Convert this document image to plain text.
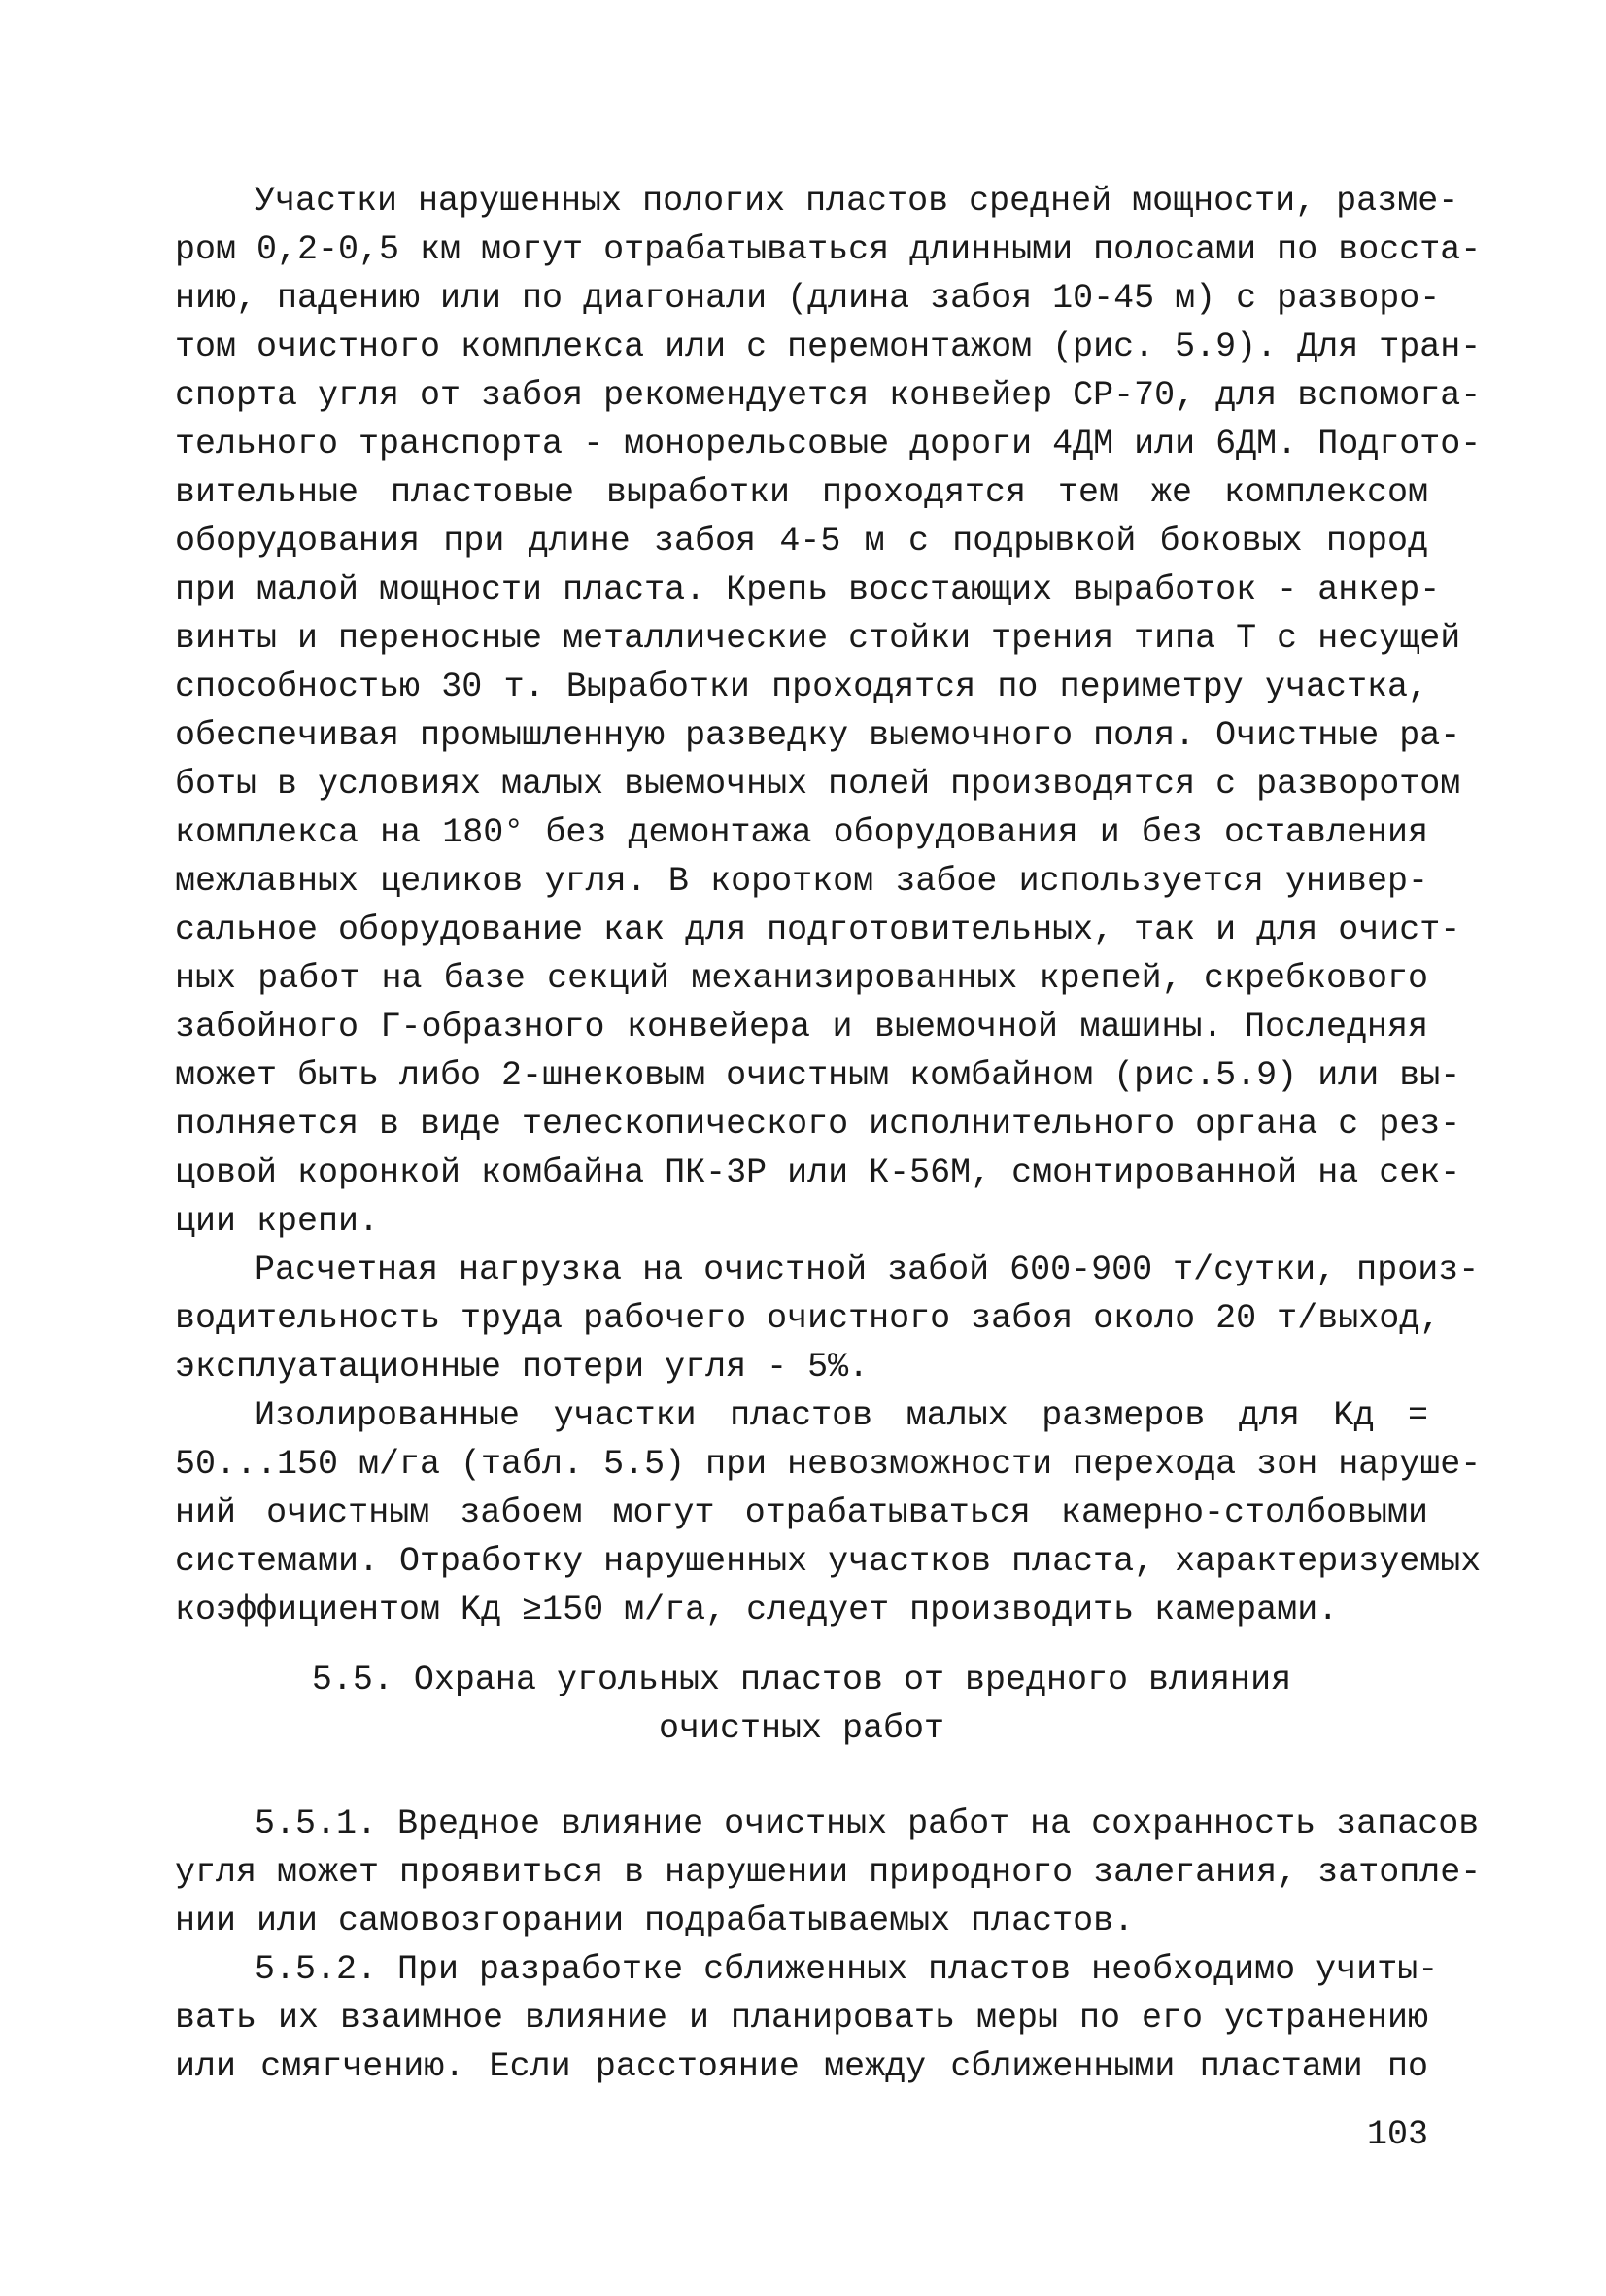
Участки нарушенных пологих пластов средней мощности, разме-
ром 0,2-0,5 км могут отрабатываться длинными полосами по восста-
нию, падению или по диагонали (длина забоя 10-45 м) с разворо-
том очистного комплекса или с перемонтажом (рис. 5.9). Для тран-
спорта угля от забоя рекомендуется конвейер СР-70, для вспомога-
тельного транспорта - монорельсовые дороги 4ДМ или 6ДМ. Подгото-
вительные пластовые выработки проходятся тем же комплексом
оборудования при длине забоя 4-5 м с подрывкой боковых пород
при малой мощности пласта. Крепь восстающих выработок - анкер-
винты и переносные металлические стойки трения типа Т с несущей
способностью 30 т. Выработки проходятся по периметру участка,
обеспечивая промышленную разведку выемочного поля. Очистные ра-
боты в условиях малых выемочных полей производятся с разворотом
комплекса на 180° без демонтажа оборудования и без оставления
межлавных целиков угля. В коротком забое используется универ-
сальное оборудование как для подготовительных, так и для очист-
ных работ на базе секций механизированных крепей, скребкового
забойного Г-образного конвейера и выемочной машины. Последняя
может быть либо 2-шнековым очистным комбайном (рис.5.9) или вы-
полняется в виде телескопического исполнительного органа с рез-
цовой коронкой комбайна ПК-3Р или К-56М, смонтированной на сек-
ции крепи.
Расчетная нагрузка на очистной забой 600-900 т/сутки, произ-
водительность труда рабочего очистного забоя около 20 т/выход,
эксплуатационные потери угля - 5%.
Изолированные участки пластов малых размеров для Kд =
50...150 м/га (табл. 5.5) при невозможности перехода зон наруше-
ний очистным забоем могут отрабатываться камерно-столбовыми
системами. Отработку нарушенных участков пласта, характеризуемых
коэффициентом Kд ≥150 м/га, следует производить камерами.
5.5. Охрана угольных пластов от вредного влияния
очистных работ
5.5.1. Вредное влияние очистных работ на сохранность запасов
угля может проявиться в нарушении природного залегания, затопле-
нии или самовозгорании подрабатываемых пластов.
5.5.2. При разработке сближенных пластов необходимо учиты-
вать их взаимное влияние и планировать меры по его устранению
или смягчению. Если расстояние между сближенными пластами по
103
